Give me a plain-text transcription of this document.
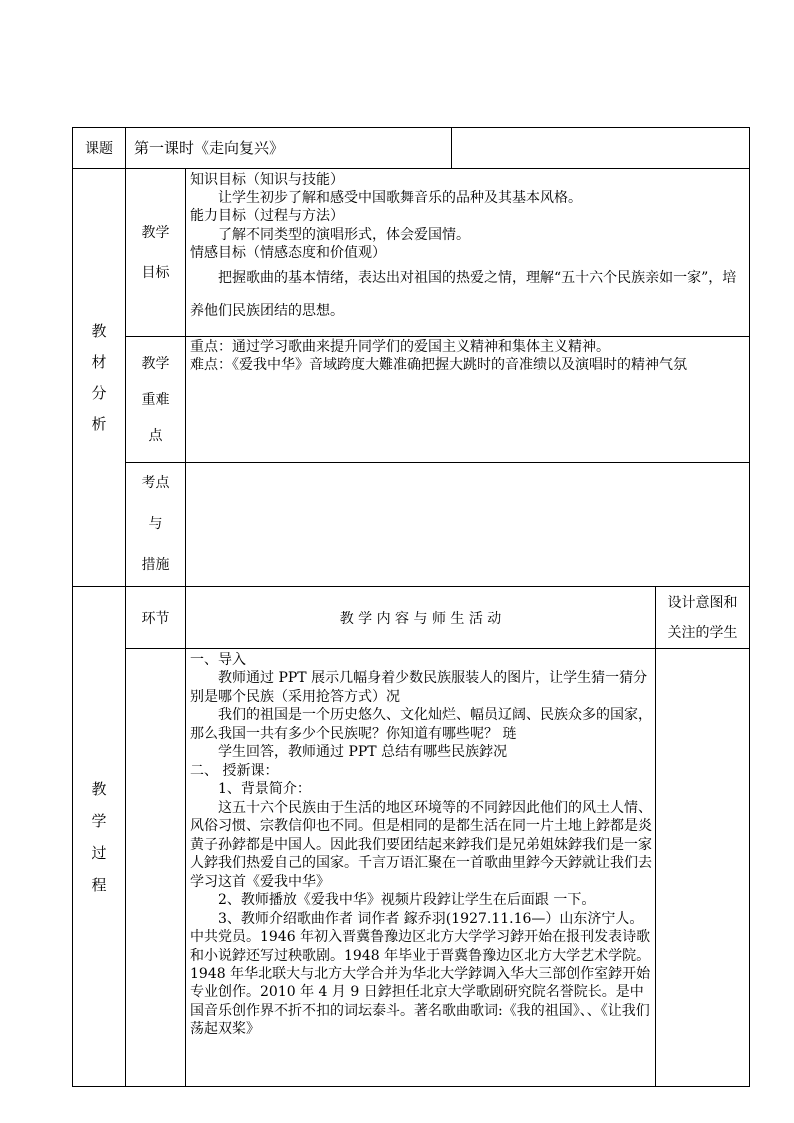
课题 第一课时《走向复兴》
教
材
分
析
教学
目标
知识目标（知识与技能）
让学生初步了解和感受中国歌舞音乐的品种及其基本风格。
能力目标（过程与方法）
了解不同类型的演唱形式，体会爱国情。
情感目标（情感态度和价值观）
把握歌曲的基本情绪，表达出对祖国的热爱之情，理解“五十六个民族亲如一家”，培养他们民族团结的思想。
教学
重难
点
重点：通过学习歌曲来提升同学们的爱国主义精神和集体主义精神。
难点：《爱我中华》音域跨度大難准确把握大跳时的音准缋以及演唱时的精神气氛
考点
与
措施
教
学
过
程
环节	教 学 内 容 与 师 生 活 动
设计意图和
关注的学生
一、导入
教师通过 PPT 展示几幅身着少数民族服装人的图片，让学生猜一猜分别是哪个民族（采用抢答方式）况
我们的祖国是一个历史悠久、文化灿烂、幅员辽阔、民族众多的国家，那么我国一共有多少个民族呢？你知道有哪些呢？ 琏
学生回答，教师通过 PPT 总结有哪些民族鋍况
二、 授新课：
1、背景简介：
这五十六个民族由于生活的地区环境等的不同鋍因此他们的风土人情、风俗习惯、宗教信仰也不同。但是相同的是都生活在同一片土地上鋍都是炎黄子孙鋍都是中国人。因此我们要团结起来鋍我们是兄弟姐妹鋍我们是一家人鋍我们热爱自己的国家。千言万语汇聚在一首歌曲里鋍今天鋍就让我们去学习这首《爱我中华》
2、教师播放《爱我中华》视频片段鋍让学生在后面跟 一下。
3、教师介绍歌曲作者 词作者 鎵乔羽(1927.11.16—）山东济宁人。中共党员。1946 年初入晋冀鲁豫边区北方大学学习鋍开始在报刊发表诗歌和小说鋍还写过秧歌剧。1948 年毕业于晋冀鲁豫边区北方大学艺术学院。1948 年华北联大与北方大学合并为华北大学鋍调入华大三部创作室鋍开始专业创作。2010 年 4 月 9 日鋍担任北京大学歌剧研究院名誉院长。是中国音乐创作界不折不扣的词坛泰斗。著名歌曲歌词:《我的祖国》、、《让我们荡起双桨》
